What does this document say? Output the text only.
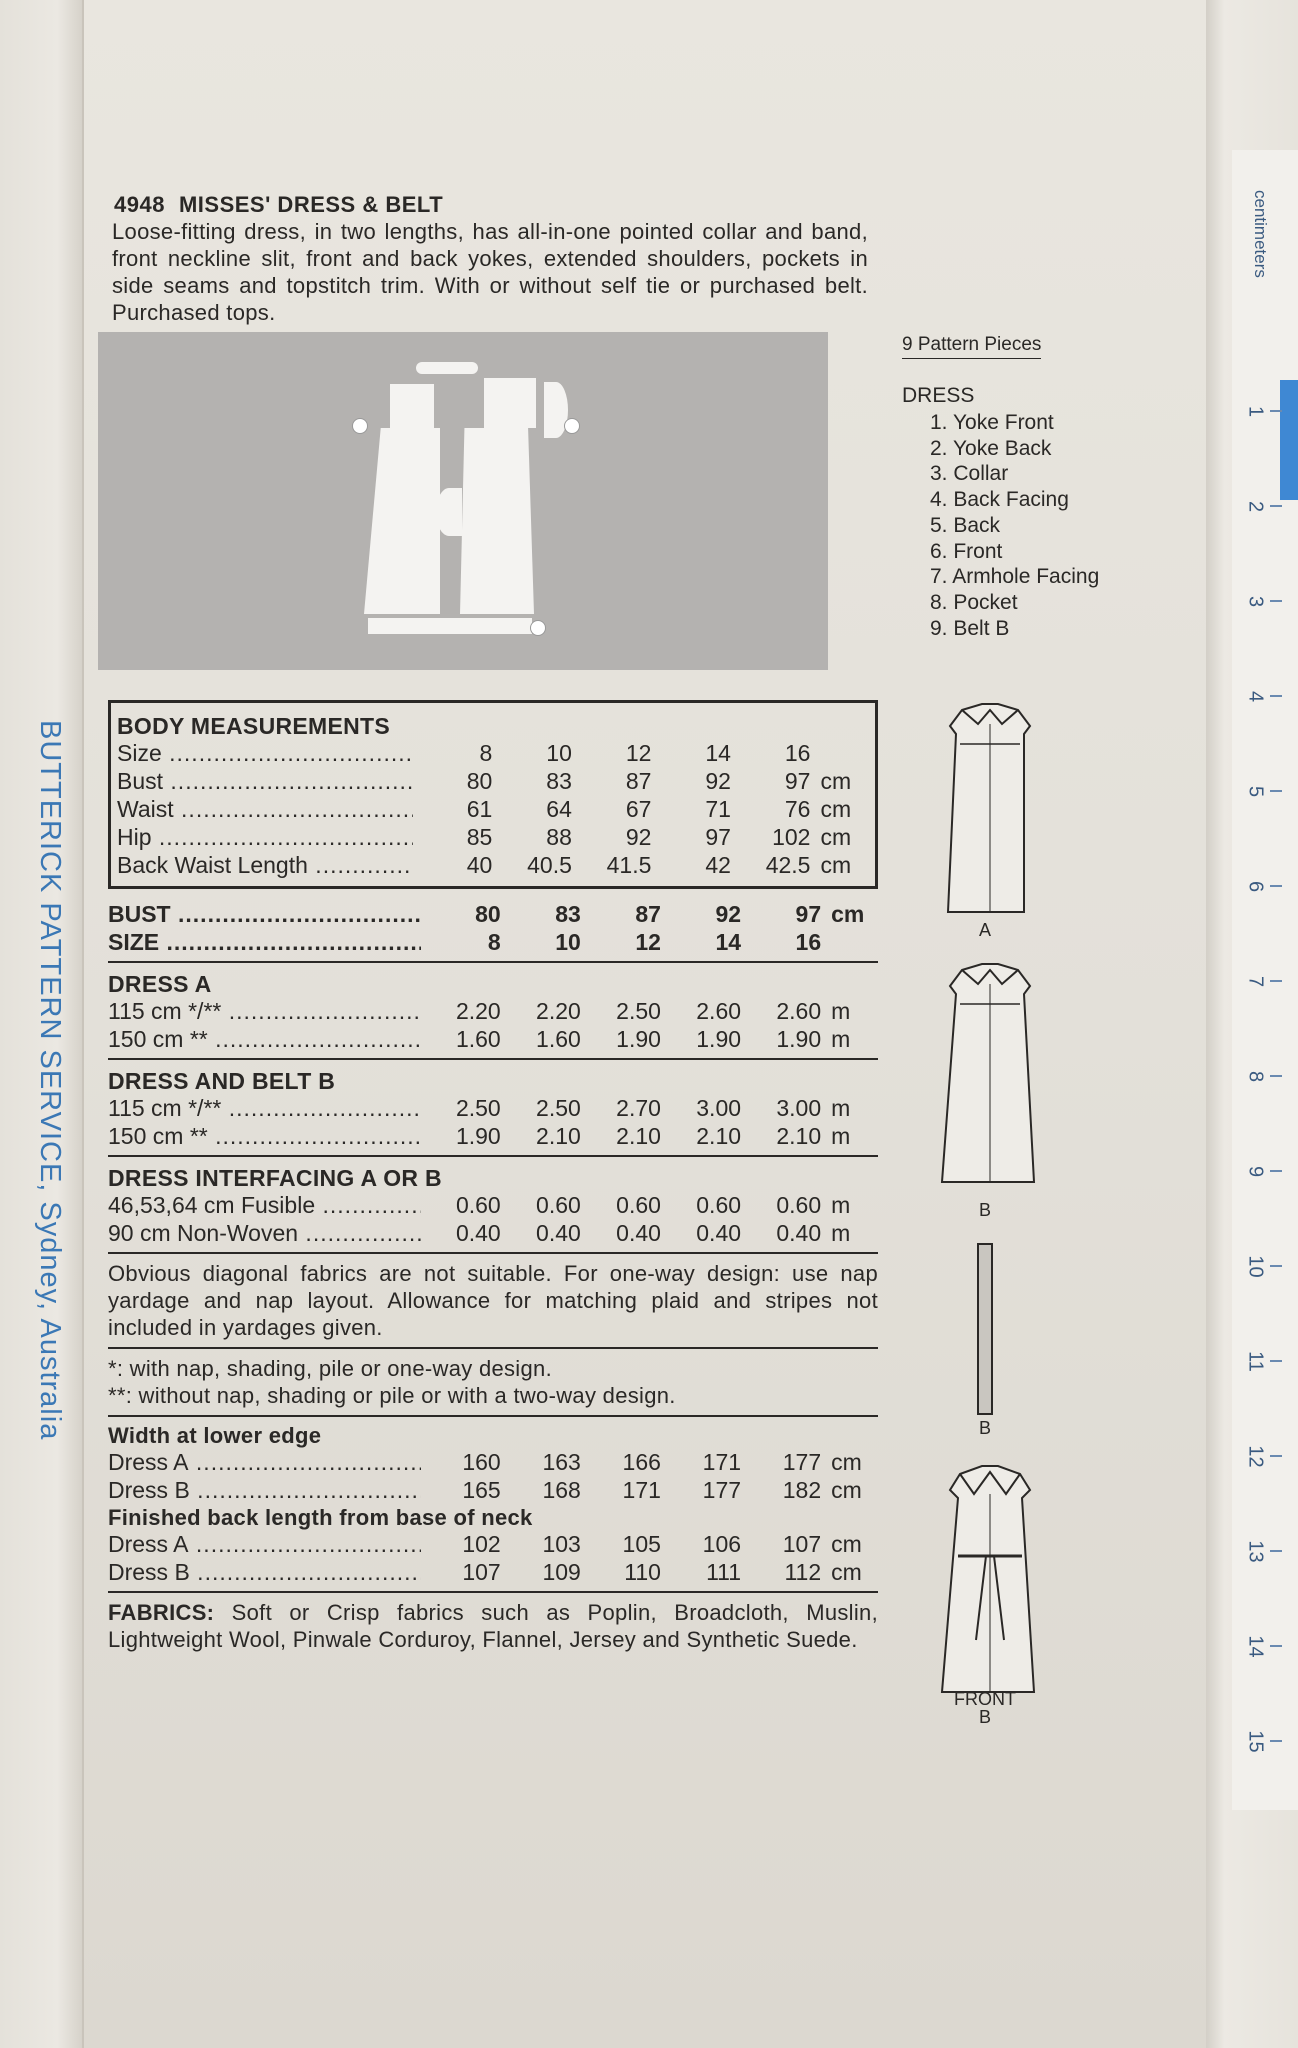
BUTTERICK PATTERN SERVICE, Sydney, Australia
centimeters
1
2
3
4
5
6
7
8
9
10
11
12
13
14
15
4948 MISSES' DRESS & BELT
Loose-fitting dress, in two lengths, has all-in-one pointed collar and band, front neckline slit, front and back yokes, extended shoulders, pockets in side seams and topstitch trim. With or without self tie or purchased belt. Purchased tops.
9 Pattern Pieces
DRESS
1. Yoke Front
2. Yoke Back
3. Collar
4. Back Facing
5. Back
6. Front
7. Armhole Facing
8. Pocket
9. Belt B
BODY MEASUREMENTS
Size .....	8	10	12	14	16
Bust .....	80	83	87	92	97 cm
Waist .....	61	64	67	71	76 cm
Hip .....	85	88	92	97	102 cm
Back Waist Length .....	40	40.5	41.5	42	42.5 cm
BUST .....	80	83	87	92	97 cm
SIZE .....	8	10	12	14	16
DRESS A
115 cm */** .....	2.20	2.20	2.50	2.60	2.60 m
150 cm ** .....	1.60	1.60	1.90	1.90	1.90 m
DRESS AND BELT B
115 cm */** .....	2.50	2.50	2.70	3.00	3.00 m
150 cm ** .....	1.90	2.10	2.10	2.10	2.10 m
DRESS INTERFACING A OR B
46,53,64 cm Fusible .....	0.60	0.60	0.60	0.60	0.60 m
90 cm Non-Woven .....	0.40	0.40	0.40	0.40	0.40 m
Obvious diagonal fabrics are not suitable. For one-way design: use nap yardage and nap layout. Allowance for matching plaid and stripes not included in yardages given.
*: with nap, shading, pile or one-way design.
**: without nap, shading or pile or with a two-way design.
Width at lower edge
Dress A .....	160	163	166	171	177 cm
Dress B .....	165	168	171	177	182 cm
Finished back length from base of neck
Dress A .....	102	103	105	106	107 cm
Dress B .....	107	109	110	111	112 cm
FABRICS: Soft or Crisp fabrics such as Poplin, Broadcloth, Muslin, Lightweight Wool, Pinwale Corduroy, Flannel, Jersey and Synthetic Suede.
A
B
B
FRONT
B
